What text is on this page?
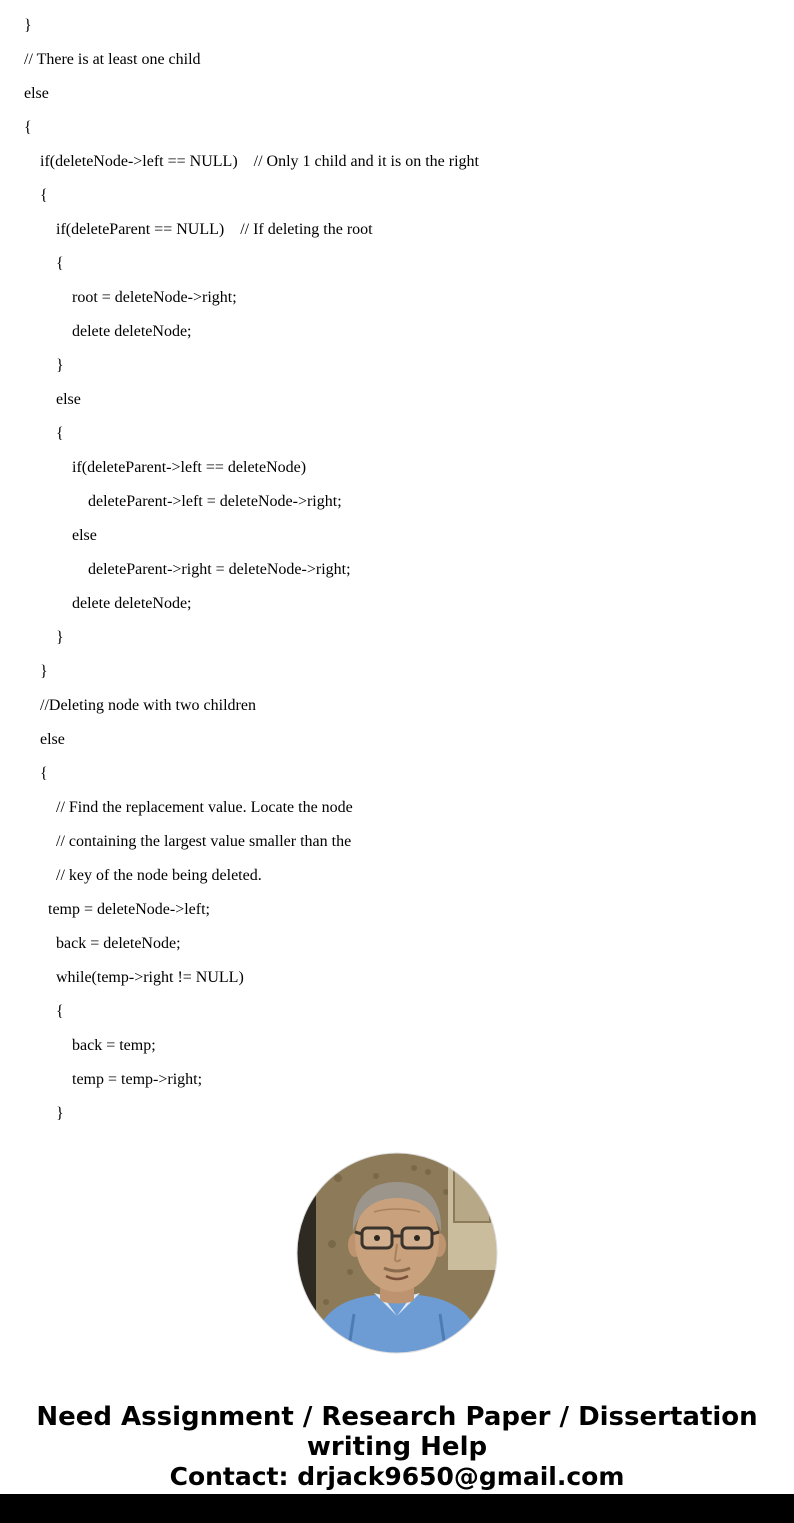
}
// There is at least one child
else
{
if(deleteNode->left == NULL)    // Only 1 child and it is on the right
{
if(deleteParent == NULL)    // If deleting the root
{
root = deleteNode->right;
delete deleteNode;
}
else
{
if(deleteParent->left == deleteNode)
deleteParent->left = deleteNode->right;
else
deleteParent->right = deleteNode->right;
delete deleteNode;
}
}
//Deleting node with two children
else
{
// Find the replacement value. Locate the node
// containing the largest value smaller than the
// key of the node being deleted.
temp = deleteNode->left;
back = deleteNode;
while(temp->right != NULL)
{
back = temp;
temp = temp->right;
}
Need Assignment / Research Paper / Dissertation
writing Help
Contact: drjack9650@gmail.com
